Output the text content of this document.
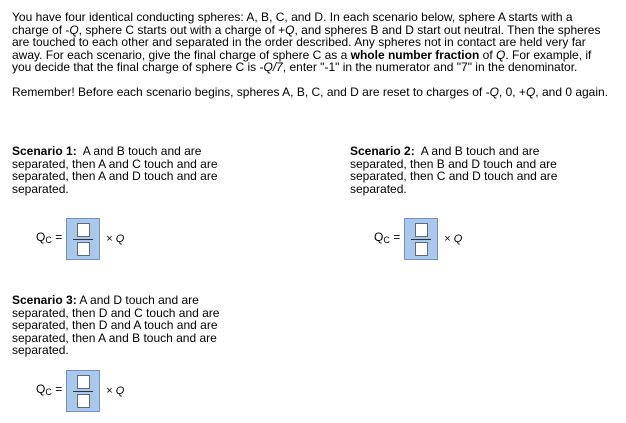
You have four identical conducting spheres: A, B, C, and D. In each scenario below, sphere A starts with a charge of -Q, sphere C starts out with a charge of +Q, and spheres B and D start out neutral. Then the spheres are touched to each other and separated in the order described. Any spheres not in contact are held very far away. For each scenario, give the final charge of sphere C as a whole number fraction of Q. For example, if you decide that the final charge of sphere C is -Q/7, enter "-1" in the numerator and "7" in the denominator.

Remember! Before each scenario begins, spheres A, B, C, and D are reset to charges of -Q, 0, +Q, and 0 again.

Scenario 1: A and B touch and are separated, then A and C touch and are separated, then A and D touch and are separated.

$Q_C$ =	× Q

Scenario 2: A and B touch and are separated, then B and D touch and are separated, then C and D touch and are separated.

$Q_C$ =	× Q

Scenario 3: A and D touch and are separated, then D and C touch and are separated, then D and A touch and are separated, then A and B touch and are separated.

$Q_C$ =	× Q
